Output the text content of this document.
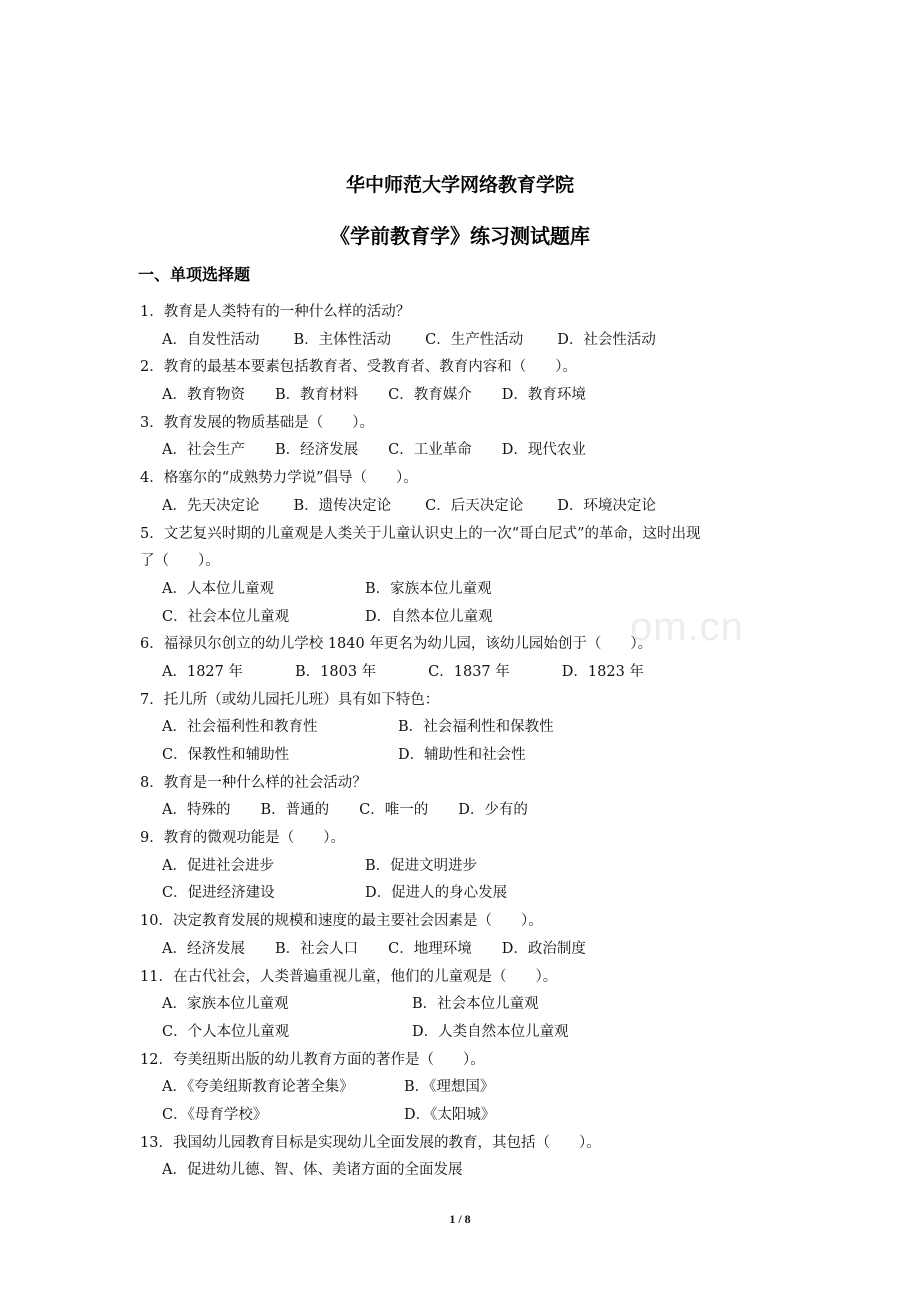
华中师范大学网络教育学院
《学前教育学》练习测试题库
一、单项选择题
om.cn
1．教育是人类特有的一种什么样的活动？
A．自发性活动 B．主体性活动 C．生产性活动 D．社会性活动
2．教育的最基本要素包括教育者、受教育者、教育内容和（　　）。
A．教育物资 B．教育材料 C．教育媒介 D．教育环境
3．教育发展的物质基础是（　　）。
A．社会生产 B．经济发展 C．工业革命 D．现代农业
4．格塞尔的“成熟势力学说”倡导（　　）。
A．先天决定论 B．遗传决定论 C．后天决定论 D．环境决定论
5．文艺复兴时期的儿童观是人类关于儿童认识史上的一次“哥白尼式”的革命，这时出现
了（　　）。
A．人本位儿童观	B．家族本位儿童观
C．社会本位儿童观	D．自然本位儿童观
6．福禄贝尔创立的幼儿学校 1840 年更名为幼儿园，该幼儿园始创于（　　）。
A．1827 年	B．1803 年	C．1837 年	D．1823 年
7．托儿所（或幼儿园托儿班）具有如下特色：
A．社会福利性和教育性	B．社会福利性和保教性
C．保教性和辅助性	D．辅助性和社会性
8．教育是一种什么样的社会活动？
A．特殊的 B．普通的 C．唯一的 D．少有的
9．教育的微观功能是（　　）。
A．促进社会进步	B．促进文明进步
C．促进经济建设	D．促进人的身心发展
10．决定教育发展的规模和速度的最主要社会因素是（　　）。
A．经济发展 B．社会人口 C．地理环境 D．政治制度
11．在古代社会，人类普遍重视儿童，他们的儿童观是（　　）。
A．家族本位儿童观	B．社会本位儿童观
C．个人本位儿童观	D．人类自然本位儿童观
12．夸美纽斯出版的幼儿教育方面的著作是（　　）。
A．《夸美纽斯教育论著全集》	B．《理想国》
C．《母育学校》	D．《太阳城》
13．我国幼儿园教育目标是实现幼儿全面发展的教育，其包括（　　）。
A．促进幼儿德、智、体、美诸方面的全面发展
1 / 8
